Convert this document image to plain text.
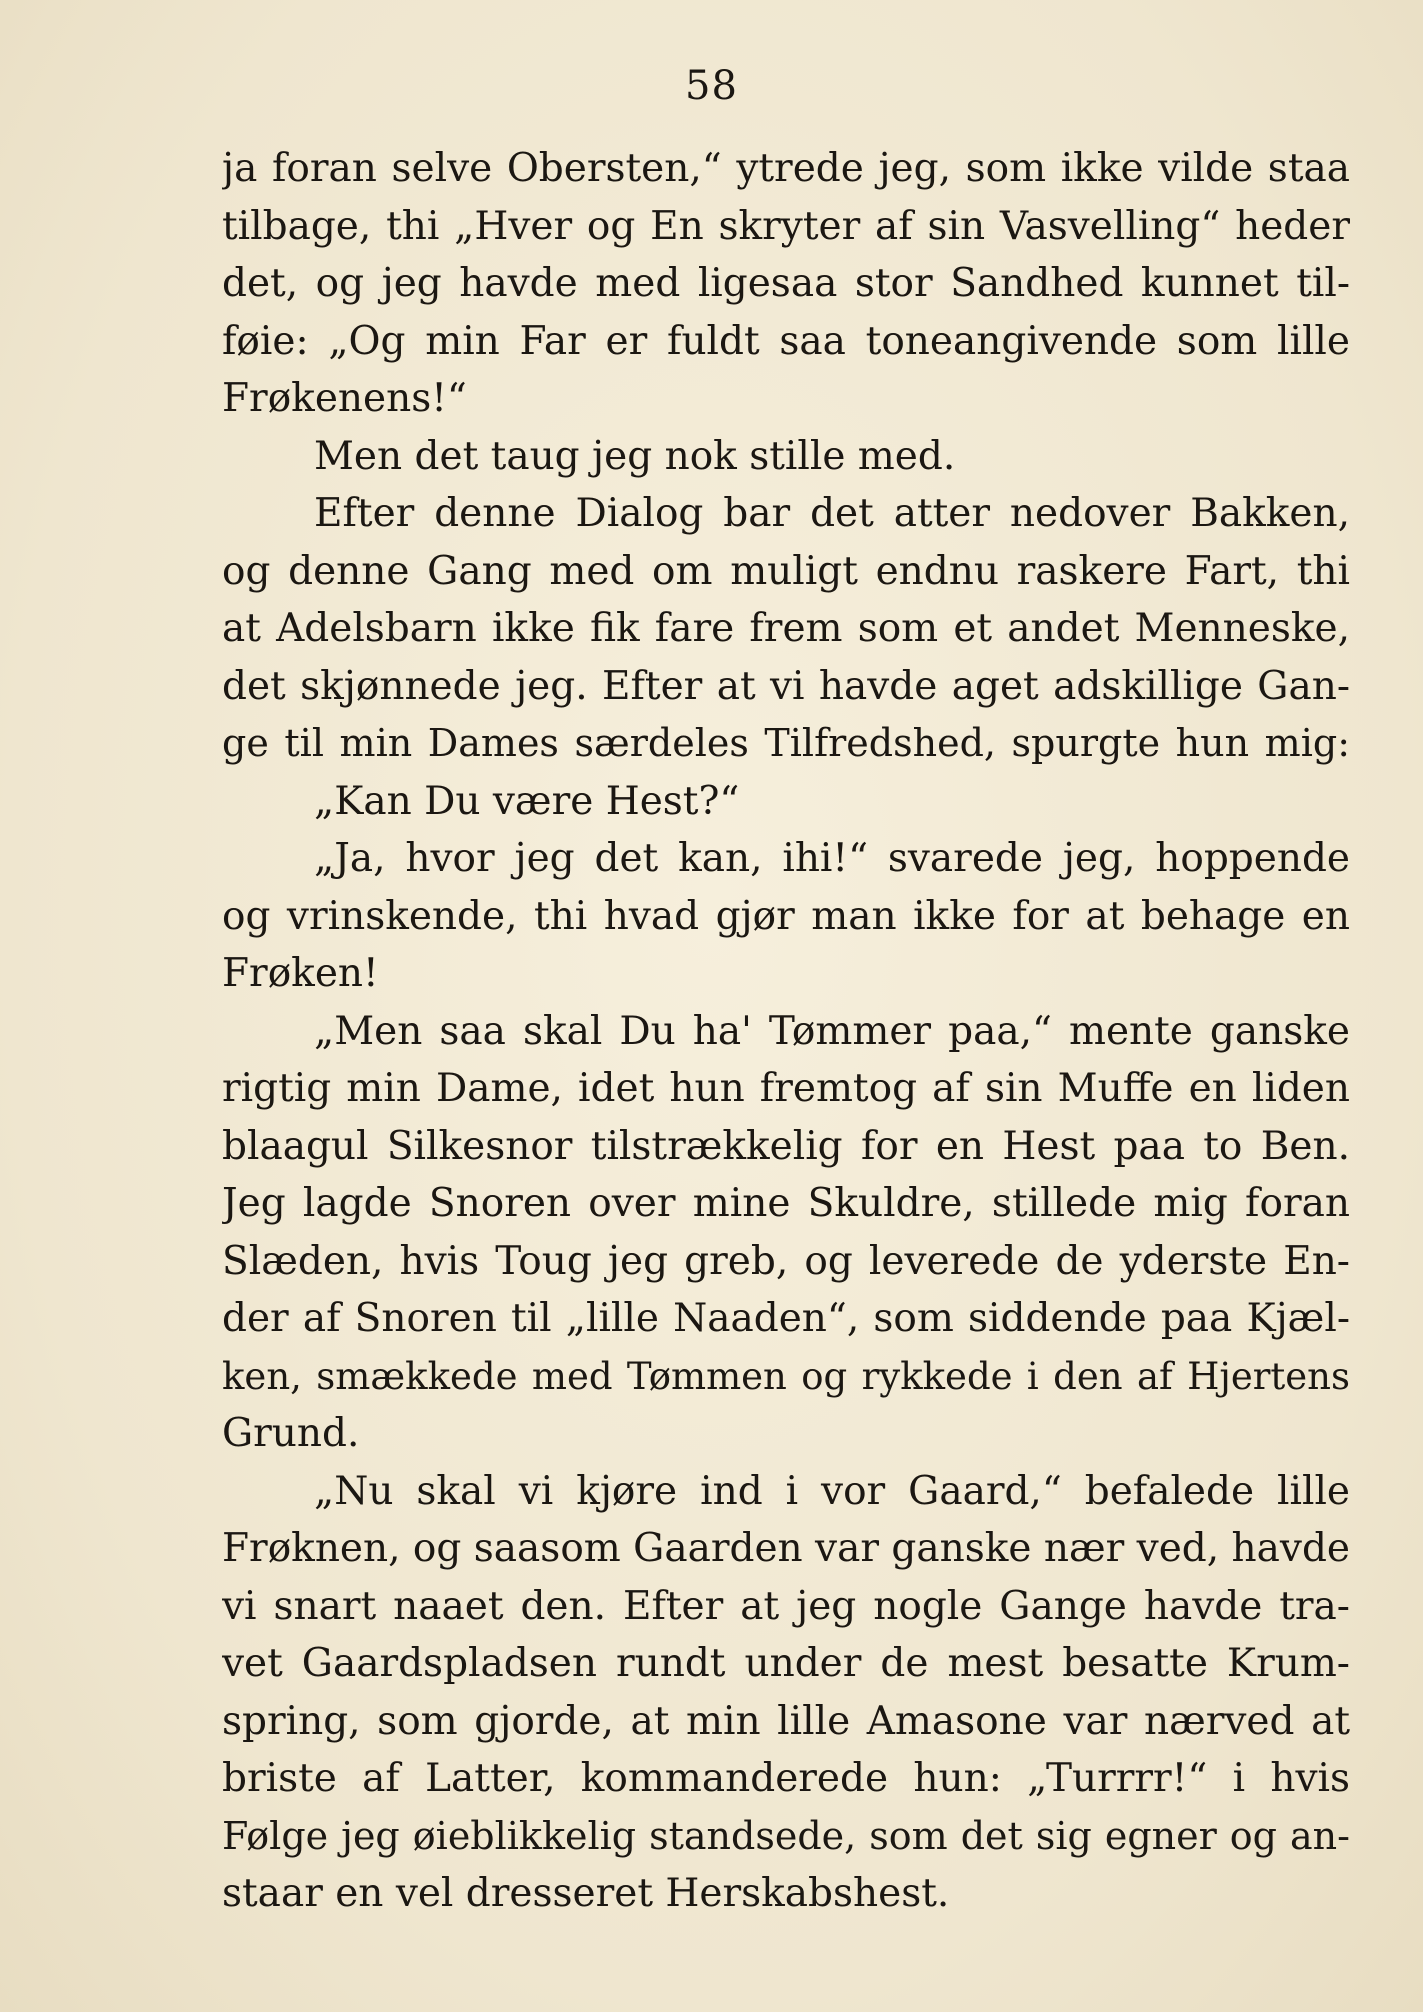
58
ja foran selve Obersten,“ ytrede jeg, som ikke vilde staa
tilbage, thi „Hver og En skryter af sin Vasvelling“ heder
det, og jeg havde med ligesaa stor Sandhed kunnet til-
føie: „Og min Far er fuldt saa toneangivende som lille
Frøkenens!“
Men det taug jeg nok stille med.
Efter denne Dialog bar det atter nedover Bakken,
og denne Gang med om muligt endnu raskere Fart, thi
at Adelsbarn ikke fik fare frem som et andet Menneske,
det skjønnede jeg. Efter at vi havde aget adskillige Gan-
ge til min Dames særdeles Tilfredshed, spurgte hun mig:
„Kan Du være Hest?“
„Ja, hvor jeg det kan, ihi!“ svarede jeg, hoppende
og vrinskende, thi hvad gjør man ikke for at behage en
Frøken!
„Men saa skal Du ha' Tømmer paa,“ mente ganske
rigtig min Dame, idet hun fremtog af sin Muffe en liden
blaagul Silkesnor tilstrækkelig for en Hest paa to Ben.
Jeg lagde Snoren over mine Skuldre, stillede mig foran
Slæden, hvis Toug jeg greb, og leverede de yderste En-
der af Snoren til „lille Naaden“, som siddende paa Kjæl-
ken, smækkede med Tømmen og rykkede i den af Hjertens
Grund.
„Nu skal vi kjøre ind i vor Gaard,“ befalede lille
Frøknen, og saasom Gaarden var ganske nær ved, havde
vi snart naaet den. Efter at jeg nogle Gange havde tra-
vet Gaardspladsen rundt under de mest besatte Krum-
spring, som gjorde, at min lille Amasone var nærved at
briste af Latter, kommanderede hun: „Turrrr!“ i hvis
Følge jeg øieblikkelig standsede, som det sig egner og an-
staar en vel dresseret Herskabshest.
